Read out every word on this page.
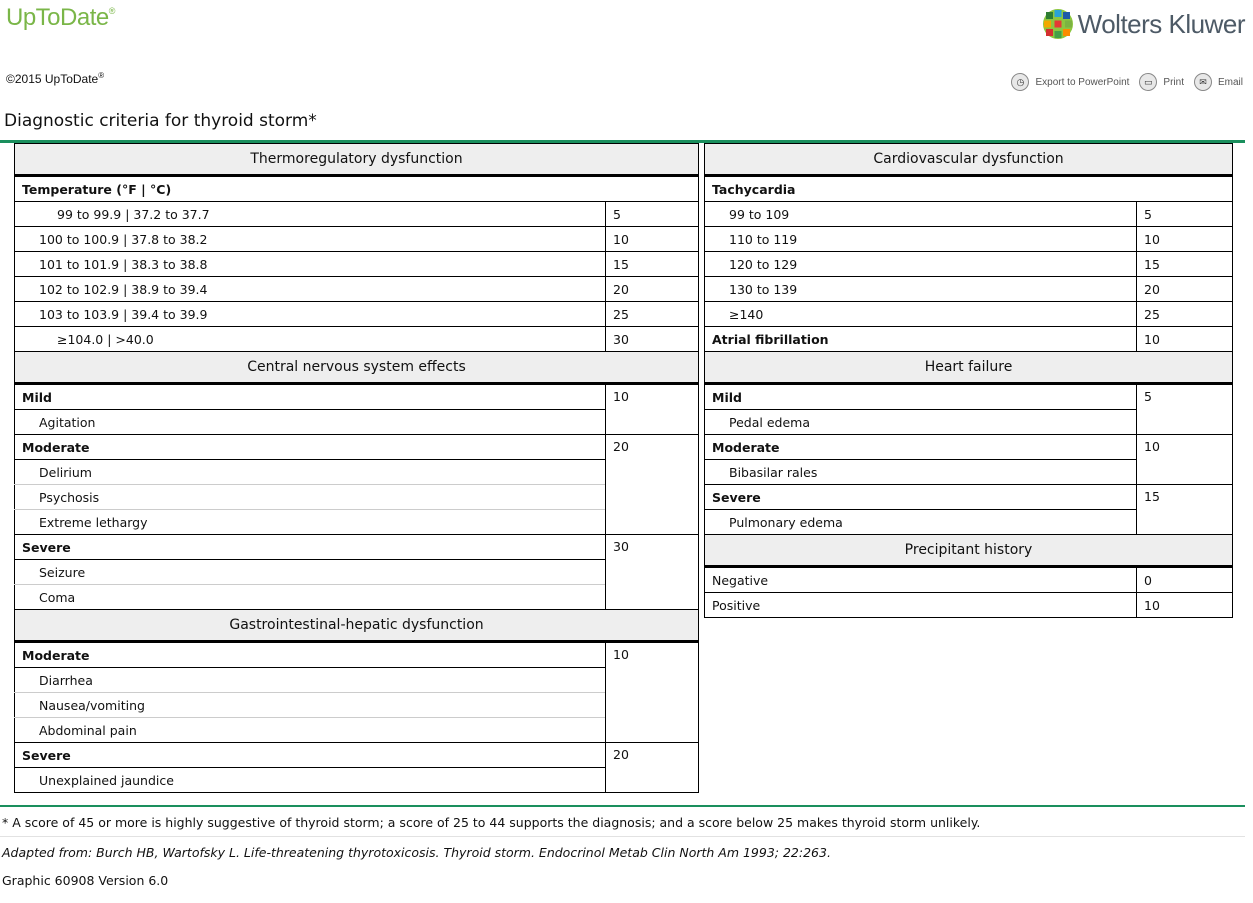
UpToDate®	Wolters Kluwer
©2015 UpToDate®
◷	Export to PowerPoint	▭	Print	✉	Email
Diagnostic criteria for thyroid storm*
Thermoregulatory dysfunction	
Temperature (°F | °C)	
99 to 99.9 | 37.2 to 37.7	5
100 to 100.9 | 37.8 to 38.2	10
101 to 101.9 | 38.3 to 38.8	15
102 to 102.9 | 38.9 to 39.4	20
103 to 103.9 | 39.4 to 39.9	25
≥104.0 | >40.0	30
Central nervous system effects	
Mild	10
Agitation	
Moderate	20
Delirium	
Psychosis	
Extreme lethargy	
Severe	30
Seizure	
Coma	
Gastrointestinal-hepatic dysfunction	
Moderate	10
Diarrhea	
Nausea/vomiting	
Abdominal pain	
Severe	20
Unexplained jaundice	
Cardiovascular dysfunction	
Tachycardia	
99 to 109	5
110 to 119	10
120 to 129	15
130 to 139	20
≥140	25
Atrial fibrillation	10
Heart failure	
Mild	5
Pedal edema	
Moderate	10
Bibasilar rales	
Severe	15
Pulmonary edema	
Precipitant history	
Negative	0
Positive	10
* A score of 45 or more is highly suggestive of thyroid storm; a score of 25 to 44 supports the diagnosis; and a score below 25 makes thyroid storm unlikely.
Adapted from: Burch HB, Wartofsky L. Life-threatening thyrotoxicosis. Thyroid storm. Endocrinol Metab Clin North Am 1993; 22:263.
Graphic 60908 Version 6.0
